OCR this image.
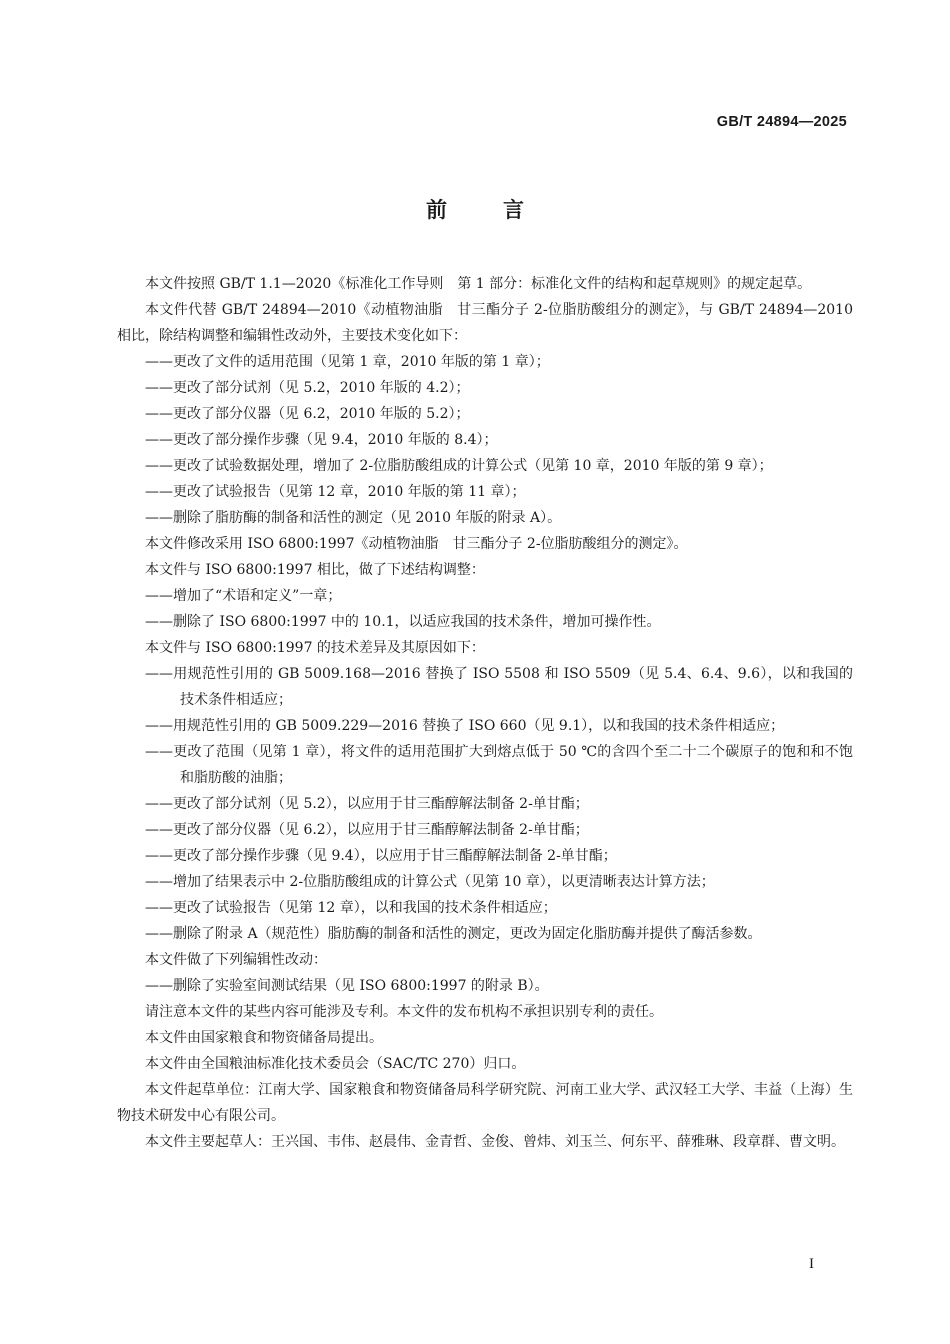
GB/T 24894—2025
前言

本文件按照 GB/T 1.1—2020《标准化工作导则　第 1 部分：标准化文件的结构和起草规则》的规定起草。

本文件代替 GB/T 24894—2010《动植物油脂　甘三酯分子 2-位脂肪酸组分的测定》，与 GB/T 24894—2010 相比，除结构调整和编辑性改动外，主要技术变化如下：

——更改了文件的适用范围（见第 1 章，2010 年版的第 1 章）；

——更改了部分试剂（见 5.2，2010 年版的 4.2）；

——更改了部分仪器（见 6.2，2010 年版的 5.2）；

——更改了部分操作步骤（见 9.4，2010 年版的 8.4）；

——更改了试验数据处理，增加了 2-位脂肪酸组成的计算公式（见第 10 章，2010 年版的第 9 章）；

——更改了试验报告（见第 12 章，2010 年版的第 11 章）；

——删除了脂肪酶的制备和活性的测定（见 2010 年版的附录 A）。

本文件修改采用 ISO 6800:1997《动植物油脂　甘三酯分子 2-位脂肪酸组分的测定》。

本文件与 ISO 6800:1997 相比，做了下述结构调整：

——增加了“术语和定义”一章；

——删除了 ISO 6800:1997 中的 10.1，以适应我国的技术条件，增加可操作性。

本文件与 ISO 6800:1997 的技术差异及其原因如下：

——用规范性引用的 GB 5009.168—2016 替换了 ISO 5508 和 ISO 5509（见 5.4、6.4、9.6），以和我国的技术条件相适应；

——用规范性引用的 GB 5009.229—2016 替换了 ISO 660（见 9.1），以和我国的技术条件相适应；

——更改了范围（见第 1 章），将文件的适用范围扩大到熔点低于 50 ℃的含四个至二十二个碳原子的饱和和不饱和脂肪酸的油脂；

——更改了部分试剂（见 5.2），以应用于甘三酯醇解法制备 2-单甘酯；

——更改了部分仪器（见 6.2），以应用于甘三酯醇解法制备 2-单甘酯；

——更改了部分操作步骤（见 9.4），以应用于甘三酯醇解法制备 2-单甘酯；

——增加了结果表示中 2-位脂肪酸组成的计算公式（见第 10 章），以更清晰表达计算方法；

——更改了试验报告（见第 12 章），以和我国的技术条件相适应；

——删除了附录 A（规范性）脂肪酶的制备和活性的测定，更改为固定化脂肪酶并提供了酶活参数。

本文件做了下列编辑性改动：

——删除了实验室间测试结果（见 ISO 6800:1997 的附录 B）。

请注意本文件的某些内容可能涉及专利。本文件的发布机构不承担识别专利的责任。

本文件由国家粮食和物资储备局提出。

本文件由全国粮油标准化技术委员会（SAC/TC 270）归口。

本文件起草单位：江南大学、国家粮食和物资储备局科学研究院、河南工业大学、武汉轻工大学、丰益（上海）生物技术研发中心有限公司。

本文件主要起草人：王兴国、韦伟、赵晨伟、金青哲、金俊、曾炜、刘玉兰、何东平、薛雅琳、段章群、曹文明。

I
